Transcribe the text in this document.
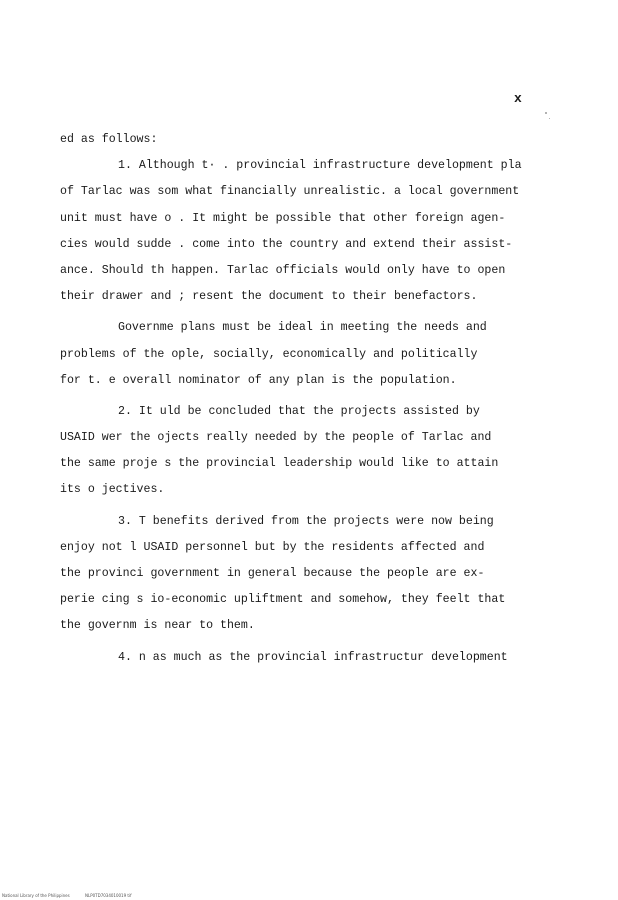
x
ed as follows:
1. Although t· . provincial infrastructure development pla
of Tarlac was som what financially unrealistic. a local government
unit must have o . It might be possible that other foreign agen-
cies would sudde . come into the country and extend their assist-
ance. Should th happen. Tarlac officials would only have to open
their drawer and ; resent the document to their benefactors.
Governme plans must be ideal in meeting the needs and
problems of the ople, socially, economically and politically
for t. e overall nominator of any plan is the population.
2. It uld be concluded that the projects assisted by
USAID wer the ojects really needed by the people of Tarlac and
the same proje s the provincial leadership would like to attain
its o jectives.
3. T benefits derived from the projects were now being
enjoy not l USAID personnel but by the residents affected and
the provinci government in general because the people are ex-
perie cing s io-economic upliftment and somehow, they feelt that
the governm is near to them.
4. n as much as the provincial infrastructur development
National Library of the Philippines	NLP0TD7034010019 tif
